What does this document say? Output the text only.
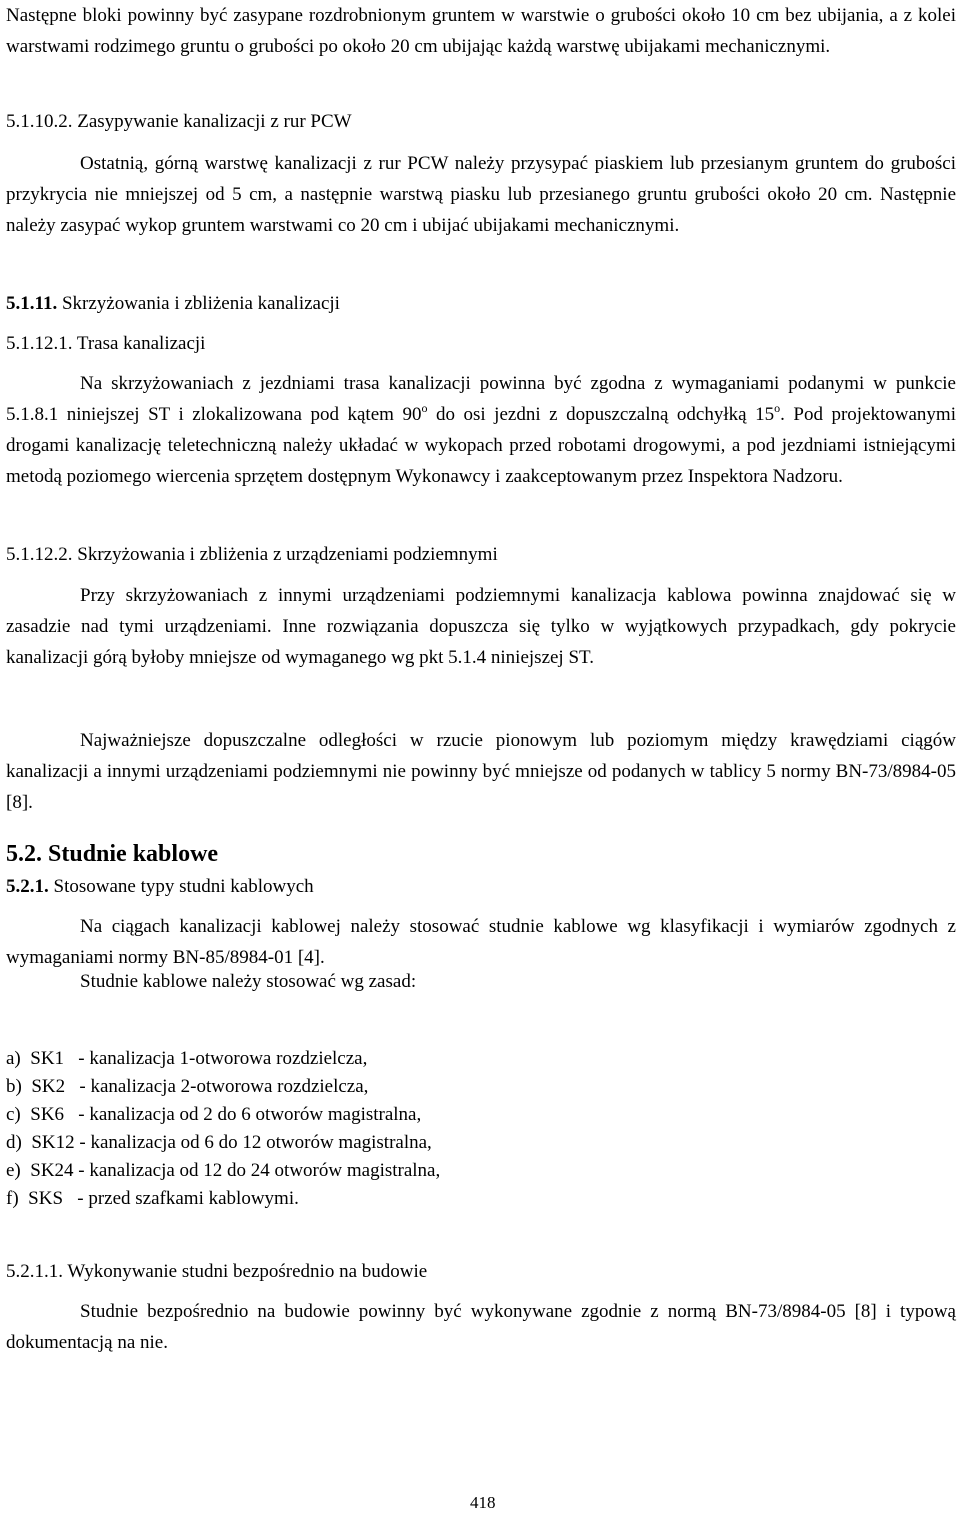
Następne bloki powinny być zasypane rozdrobnionym gruntem w warstwie o grubości około 10 cm bez ubijania, a z kolei warstwami rodzimego gruntu o grubości po około 20 cm ubijając każdą warstwę ubijakami mechanicznymi.

5.1.10.2. Zasypywanie kanalizacji z rur PCW

Ostatnią, górną warstwę kanalizacji z rur PCW należy przysypać piaskiem lub przesianym gruntem do grubości przykrycia nie mniejszej od 5 cm, a następnie warstwą piasku lub przesianego gruntu grubości około 20 cm. Następnie należy zasypać wykop gruntem warstwami co 20 cm i ubijać ubijakami mechanicznymi.

5.1.11. Skrzyżowania i zbliżenia kanalizacji

5.1.12.1. Trasa kanalizacji

Na skrzyżowaniach z jezdniami trasa kanalizacji powinna być zgodna z wymaganiami podanymi w punkcie 5.1.8.1 niniejszej ST i zlokalizowana pod kątem 90$^o$ do osi jezdni z dopuszczalną odchyłką 15$^o$. Pod projektowanymi drogami kanalizację teletechniczną należy układać w wykopach przed robotami drogowymi, a pod jezdniami istniejącymi metodą poziomego wiercenia sprzętem dostępnym Wykonawcy i zaakceptowanym przez Inspektora Nadzoru.

5.1.12.2. Skrzyżowania i zbliżenia z urządzeniami podziemnymi

Przy skrzyżowaniach z innymi urządzeniami podziemnymi kanalizacja kablowa powinna znajdować się w zasadzie nad tymi urządzeniami. Inne rozwiązania dopuszcza się tylko w wyjątkowych przypadkach, gdy pokrycie kanalizacji górą byłoby mniejsze od wymaganego wg pkt 5.1.4 niniejszej ST.

Najważniejsze dopuszczalne odległości w rzucie pionowym lub poziomym między krawędziami ciągów kanalizacji a innymi urządzeniami podziemnymi nie powinny być mniejsze od podanych w tablicy 5 normy BN-73/8984-05 [8].

5.2. Studnie kablowe

5.2.1. Stosowane typy studni kablowych

Na ciągach kanalizacji kablowej należy stosować studnie kablowe wg klasyfikacji i wymiarów zgodnych z wymaganiami normy BN-85/8984-01 [4].

Studnie kablowe należy stosować wg zasad:

a)  SK1   - kanalizacja 1-otworowa rozdzielcza,
b)  SK2   - kanalizacja 2-otworowa rozdzielcza,
c)  SK6   - kanalizacja od 2 do 6 otworów magistralna,
d)  SK12 - kanalizacja od 6 do 12 otworów magistralna,
e)  SK24 - kanalizacja od 12 do 24 otworów magistralna,
f)  SKS   - przed szafkami kablowymi.

5.2.1.1. Wykonywanie studni bezpośrednio na budowie

Studnie bezpośrednio na budowie powinny być wykonywane zgodnie z normą BN-73/8984-05 [8] i typową dokumentacją na nie.

418
